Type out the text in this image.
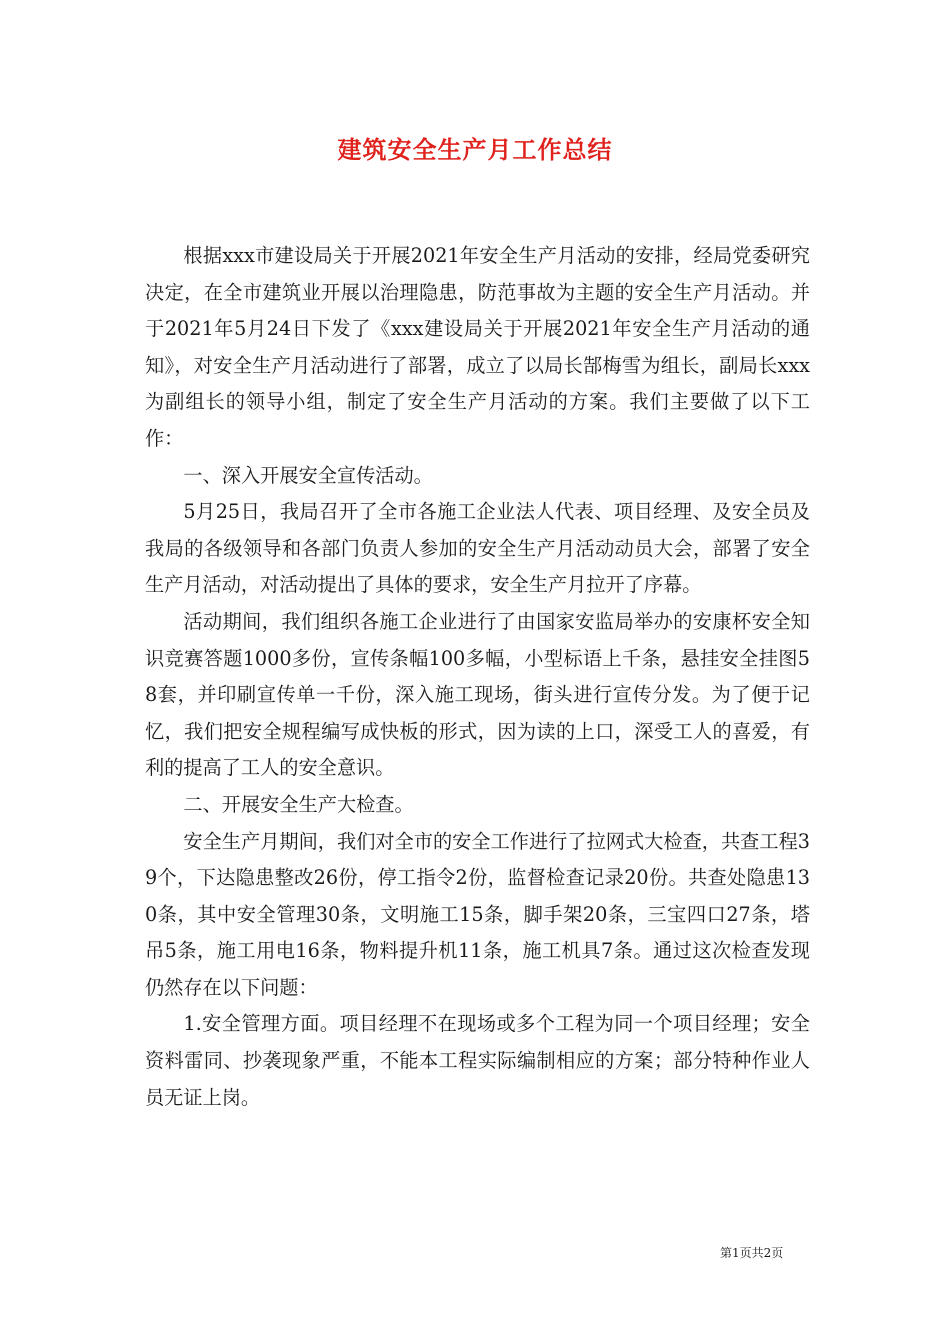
建筑安全生产月工作总结

根据xxx市建设局关于开展2021年安全生产月活动的安排，经局党委研究决定，在全市建筑业开展以治理隐患，防范事故为主题的安全生产月活动。并于2021年5月24日下发了《xxx建设局关于开展2021年安全生产月活动的通知》，对安全生产月活动进行了部署，成立了以局长郜梅雪为组长，副局长xxx为副组长的领导小组，制定了安全生产月活动的方案。我们主要做了以下工作：

一、深入开展安全宣传活动。

5月25日，我局召开了全市各施工企业法人代表、项目经理、及安全员及我局的各级领导和各部门负责人参加的安全生产月活动动员大会，部署了安全生产月活动，对活动提出了具体的要求，安全生产月拉开了序幕。

活动期间，我们组织各施工企业进行了由国家安监局举办的安康杯安全知识竞赛答题1000多份，宣传条幅100多幅，小型标语上千条，悬挂安全挂图58套，并印刷宣传单一千份，深入施工现场，街头进行宣传分发。为了便于记忆，我们把安全规程编写成快板的形式，因为读的上口，深受工人的喜爱，有利的提高了工人的安全意识。

二、开展安全生产大检查。

安全生产月期间，我们对全市的安全工作进行了拉网式大检查，共查工程39个，下达隐患整改26份，停工指令2份，监督检查记录20份。共查处隐患130条，其中安全管理30条，文明施工15条，脚手架20条，三宝四口27条，塔吊5条，施工用电16条，物料提升机11条，施工机具7条。通过这次检查发现仍然存在以下问题：

1.安全管理方面。项目经理不在现场或多个工程为同一个项目经理；安全资料雷同、抄袭现象严重，不能本工程实际编制相应的方案；部分特种作业人员无证上岗。

第1页共2页
